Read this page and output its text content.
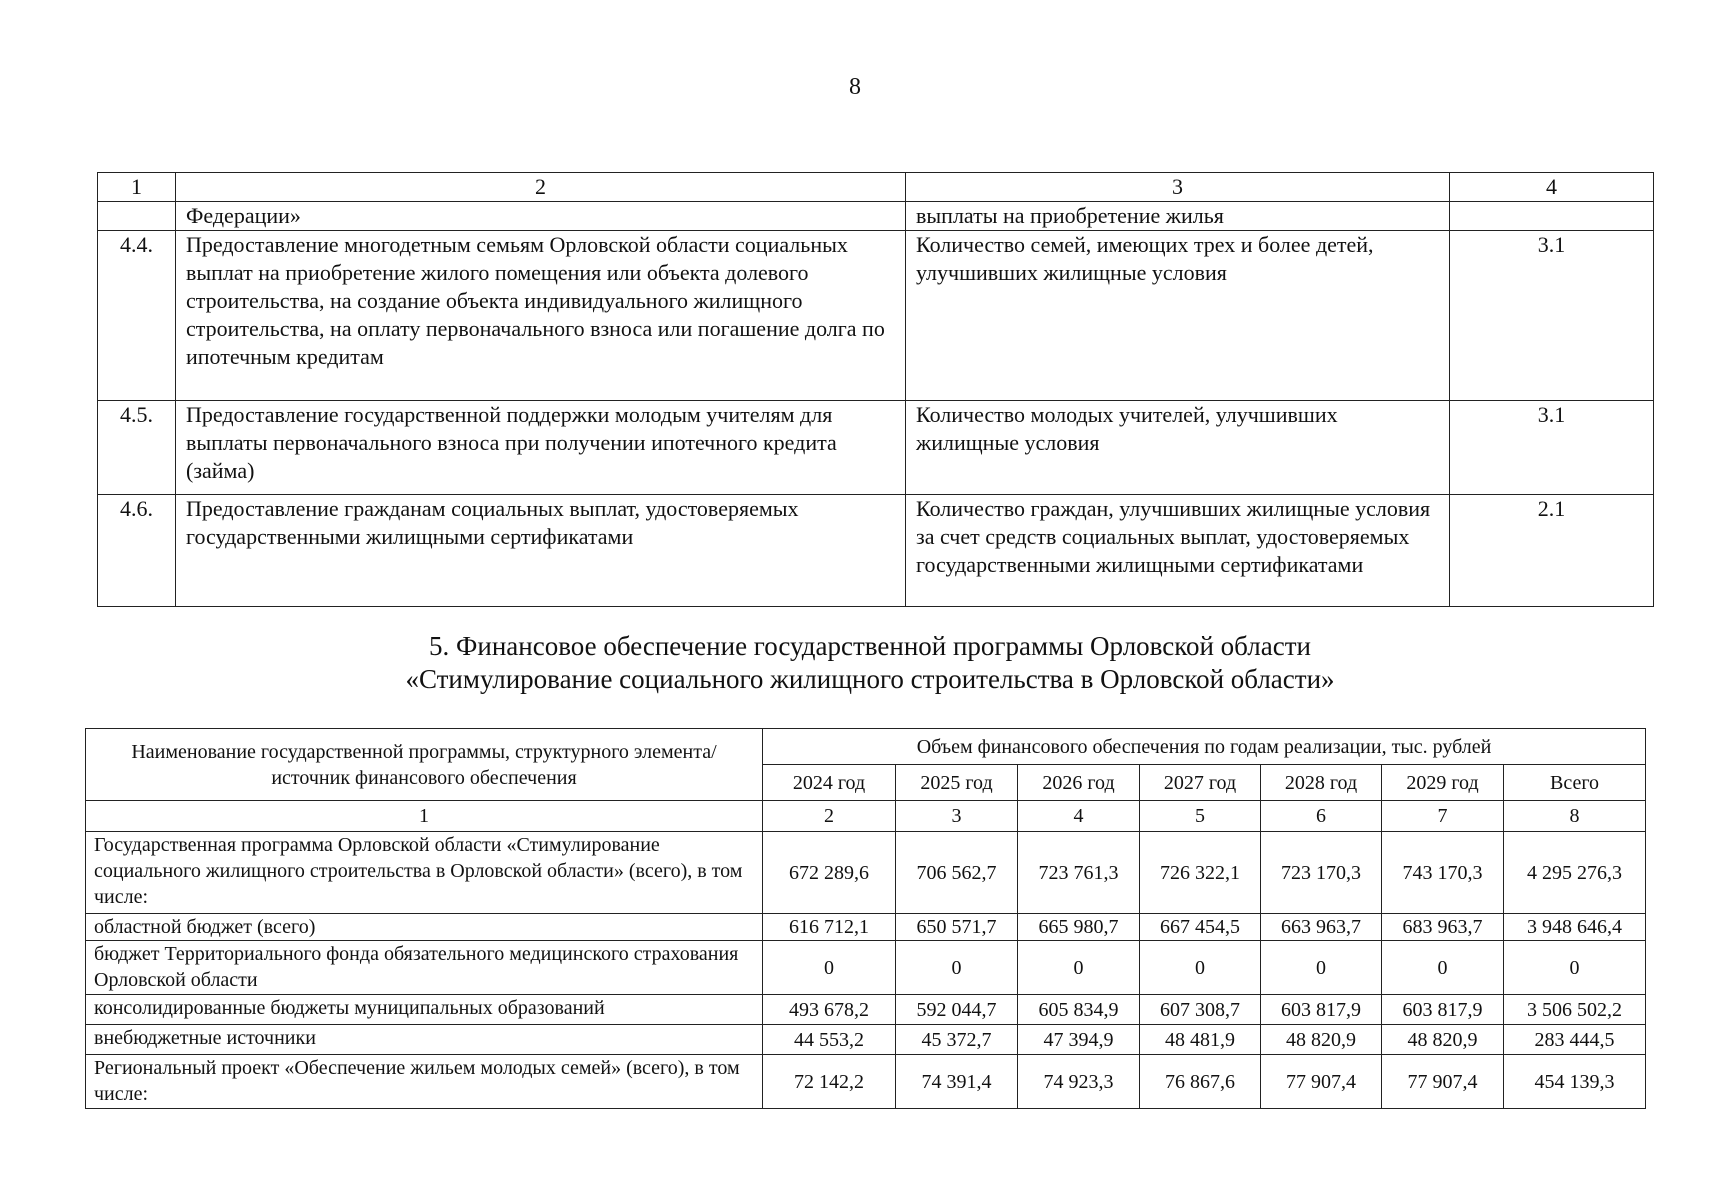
8
1	2	3	4
	Федерации»	выплаты на приобретение жилья	
4.4.	Предоставление многодетным семьям Орловской области социальных выплат на приобретение жилого помещения или объекта долевого строительства, на создание объекта индивидуального жилищного строительства, на оплату первоначального взноса или погашение долга по ипотечным кредитам	Количество семей, имеющих трех и более детей, улучшивших жилищные условия	3.1
4.5.	Предоставление государственной поддержки молодым учителям для выплаты первоначального взноса при получении ипотечного кредита (займа)	Количество молодых учителей, улучшивших жилищные условия	3.1
4.6.	Предоставление гражданам социальных выплат, удостоверяемых государственными жилищными сертификатами	Количество граждан, улучшивших жилищные условия за счет средств социальных выплат, удостоверяемых государственными жилищными сертификатами	2.1
5. Финансовое обеспечение государственной программы Орловской области
«Стимулирование социального жилищного строительства в Орловской области»
Наименование государственной программы, структурного элемента/источник финансового обеспечения	Объем финансового обеспечения по годам реализации, тыс. рублей						
	2024 год	2025 год	2026 год	2027 год	2028 год	2029 год	Всего
1	2	3	4	5	6	7	8
Государственная программа Орловской области «Стимулирование социального жилищного строительства в Орловской области» (всего), в том числе:	672 289,6	706 562,7	723 761,3	726 322,1	723 170,3	743 170,3	4 295 276,3
областной бюджет (всего)	616 712,1	650 571,7	665 980,7	667 454,5	663 963,7	683 963,7	3 948 646,4
бюджет Территориального фонда обязательного медицинского страхования Орловской области	0	0	0	0	0	0	0
консолидированные бюджеты муниципальных образований	493 678,2	592 044,7	605 834,9	607 308,7	603 817,9	603 817,9	3 506 502,2
внебюджетные источники	44 553,2	45 372,7	47 394,9	48 481,9	48 820,9	48 820,9	283 444,5
Региональный проект «Обеспечение жильем молодых семей» (всего), в том числе:	72 142,2	74 391,4	74 923,3	76 867,6	77 907,4	77 907,4	454 139,3
